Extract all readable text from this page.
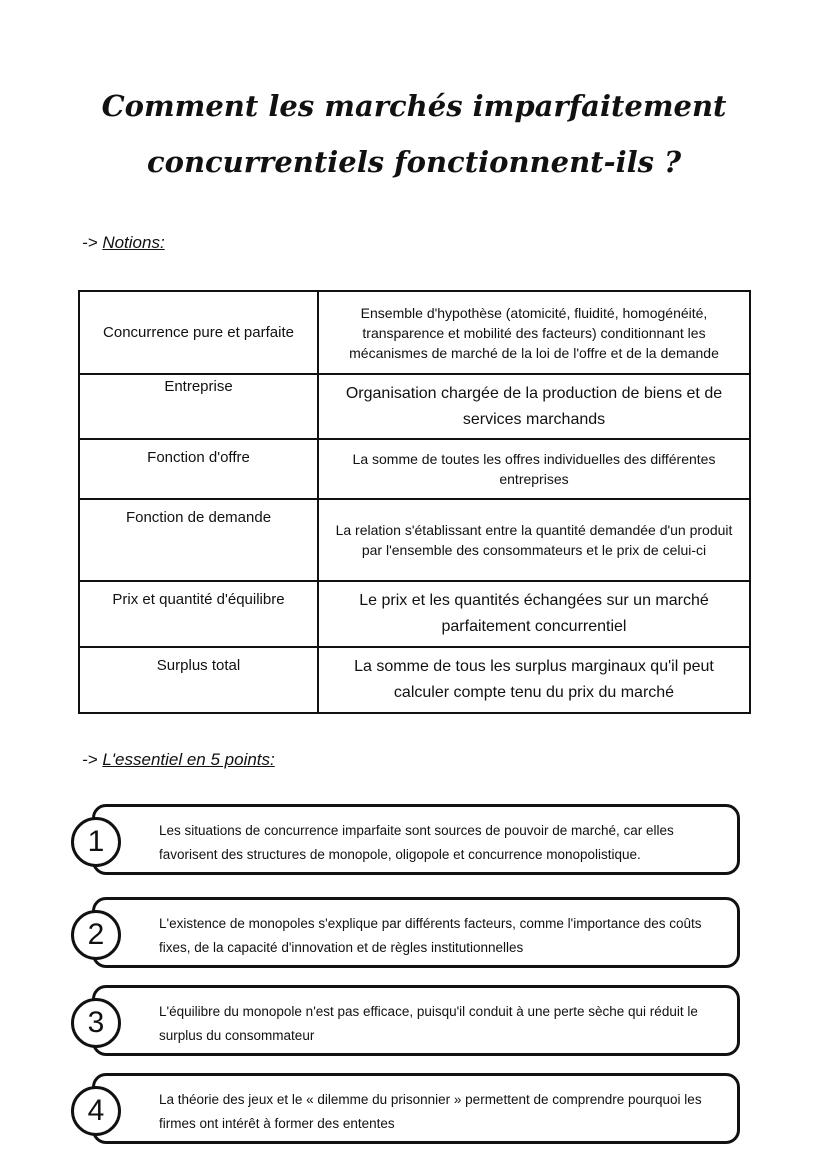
Comment les marchés imparfaitement concurrentiels fonctionnent-ils ?
-> Notions:
Concurrence pure et parfaite	Ensemble d'hypothèse (atomicité, fluidité, homogénéité, transparence et mobilité des facteurs) conditionnant les mécanismes de marché de la loi de l'offre et de la demande
Entreprise	Organisation chargée de la production de biens et de services marchands
Fonction d'offre	La somme de toutes les offres individuelles des différentes entreprises
Fonction de demande	La relation s'établissant entre la quantité demandée d'un produit par l'ensemble des consommateurs et le prix de celui-ci
Prix et quantité d'équilibre	Le prix et les quantités échangées sur un marché parfaitement concurrentiel
Surplus total	La somme de tous les surplus marginaux qu'il peut calculer compte tenu du prix du marché
-> L'essentiel en 5 points:
1	Les situations de concurrence imparfaite sont sources de pouvoir de marché, car elles favorisent des structures de monopole, oligopole et concurrence monopolistique.
2	L'existence de monopoles s'explique par différents facteurs, comme l'importance des coûts fixes, de la capacité d'innovation et de règles institutionnelles
3	L'équilibre du monopole n'est pas efficace, puisqu'il conduit à une perte sèche qui réduit le surplus du consommateur
4	La théorie des jeux et le « dilemme du prisonnier » permettent de comprendre pourquoi les firmes ont intérêt à former des ententes
